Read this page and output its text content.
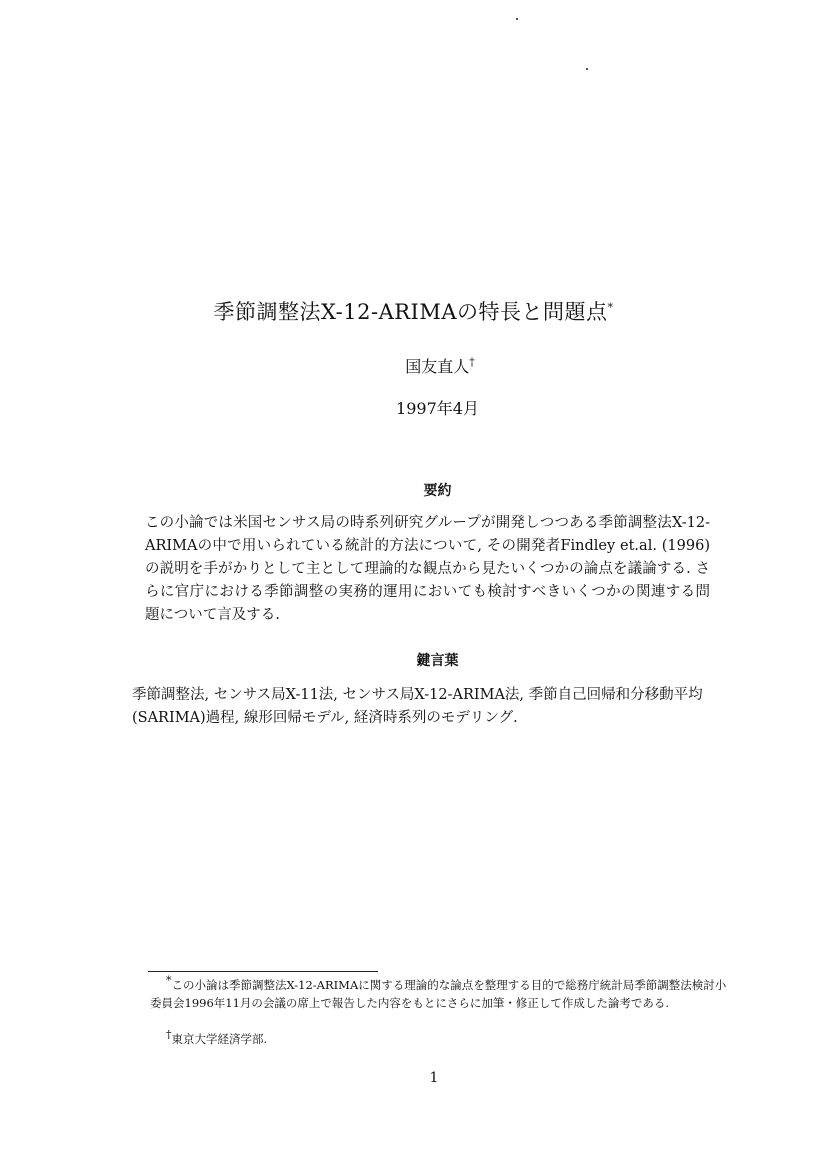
季節調整法X-12-ARIMAの特長と問題点*
国友直人†
1997年4月
要約
この小論では米国センサス局の時系列研究グループが開発しつつある季節調整法X-12-ARIMAの中で用いられている統計的方法について, その開発者Findley et.al. (1996)の説明を手がかりとして主として理論的な観点から見たいくつかの論点を議論する. さらに官庁における季節調整の実務的運用においても検討すべきいくつかの関連する問題について言及する.
鍵言葉
季節調整法, センサス局X-11法, センサス局X-12-ARIMA法, 季節自己回帰和分移動平均(SARIMA)過程, 線形回帰モデル, 経済時系列のモデリング.
*この小論は季節調整法X-12-ARIMAに関する理論的な論点を整理する目的で総務庁統計局季節調整法検討小委員会1996年11月の会議の席上で報告した内容をもとにさらに加筆・修正して作成した論考である.
†東京大学経済学部.
1
